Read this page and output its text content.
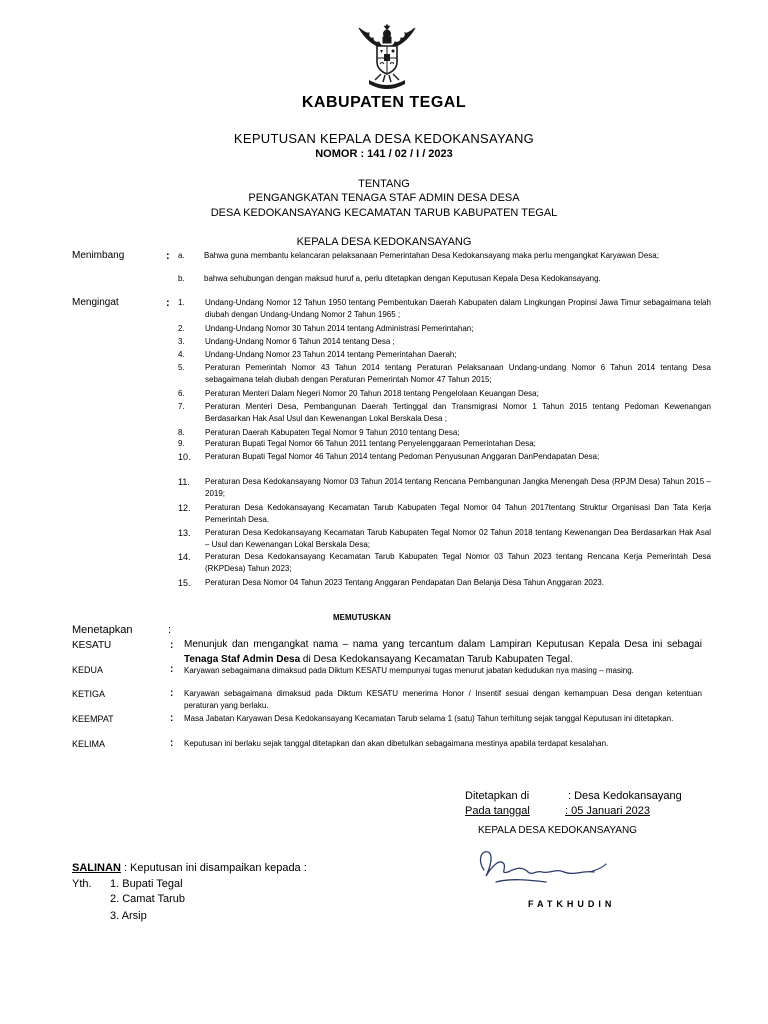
KABUPATEN TEGAL
KEPUTUSAN KEPALA DESA KEDOKANSAYANG
NOMOR : 141 / 02 / I / 2023
TENTANG
PENGANGKATAN TENAGA STAF ADMIN DESA DESA
DESA KEDOKANSAYANG KECAMATAN TARUB KABUPATEN TEGAL
KEPALA DESA KEDOKANSAYANG
Menimbang	: a. Bahwa guna membantu kelancaran pelaksanaan Pemerintahan Desa Kedokansayang maka perlu mengangkat Karyawan Desa;
b. bahwa sehubungan dengan maksud huruf a, perlu ditetapkan dengan Keputusan Kepala Desa Kedokansayang.
Mengingat	: 1.	Undang-Undang Nomor 12 Tahun 1950 tentang Pembentukan Daerah Kabupaten dalam Lingkungan Propinsi Jawa Timur sebagaimana telah diubah dengan Undang-Undang Nomor 2 Tahun 1965 ;
2.	Undang-Undang Nomor 30 Tahun 2014 tentang Administrasi Pemerintahan;
3.	Undang-Undang Nomor 6 Tahun 2014 tentang Desa ;
4.	Undang-Undang Nomor 23 Tahun 2014 tentang Pemerintahan Daerah;
5.	Peraturan Pemerintah Nomor 43 Tahun 2014 tentang Peraturan Pelaksanaan Undang-undang Nomor 6 Tahun 2014 tentang Desa sebagaimana telah diubah dengan Peraturan Pemerintah Nomor 47 Tahun 2015;
6.	Peraturan Menteri Dalam Negeri Nomor 20 Tahun 2018 tentang Pengelolaan Keuangan Desa;
7.	Peraturan Menteri Desa, Pembangunan Daerah Tertinggal dan Transmigrasi Nomor 1 Tahun 2015 tentang Pedoman Kewenangan Berdasarkan Hak Asal Usul dan Kewenangan Lokal Berskala Desa ;
8.	Peraturan Daerah Kabupaten Tegal Nomor 9 Tahun 2010 tentang Desa;
9.	Peraturan Bupati Tegal Nomor 66 Tahun 2011 tentang Penyelenggaraan Pemerintahan Desa;
10. Peraturan Bupati Tegal Nomor 46 Tahun 2014 tentang Pedoman Penyusunan Anggaran DanPendapatan Desa;
11. Peraturan Desa Kedokansayang Nomor 03 Tahun 2014 tentang Rencana Pembangunan Jangka Menengah Desa (RPJM Desa) Tahun 2015 – 2019;
12. Peraturan Desa Kedokansayang Kecamatan Tarub Kabupaten Tegal Nomor 04 Tahun 2017tentang Struktur Organisasi Dan Tata Kerja Pemerintah Desa.
13. Peraturan Desa Kedokansayang Kecamatan Tarub Kabupaten Tegal Nomor 02 Tahun 2018 tentang Kewenangan Dea Berdasarkan Hak Asal – Usul dan Kewenangan Lokal Berskala Desa;
14. Peraturan Desa Kedokansayang Kecamatan Tarub Kabupaten Tegal Nomor 03 Tahun 2023 tentang Rencana Kerja Pemerintah Desa (RKPDesa) Tahun 2023;
15. Peraturan Desa Nomor 04 Tahun 2023 Tentang Anggaran Pendapatan Dan Belanja Desa Tahun Anggaran 2023.
MEMUTUSKAN
Menetapkan	:
KESATU	: Menunjuk dan mengangkat nama – nama yang tercantum dalam Lampiran Keputusan Kepala Desa ini sebagai Tenaga Staf Admin Desa di Desa Kedokansayang Kecamatan Tarub Kabupaten Tegal.
KEDUA	: Karyawan sebagaimana dimaksud pada Diktum KESATU mempunyai tugas menurut jabatan kedudukan nya masing – masing.
KETIGA	: Karyawan sebagaimana dimaksud pada Diktum KESATU menerima Honor / Insentif sesuai dengan kemampuan Desa dengan ketentuan peraturan yang berlaku.
KEEMPAT	: Masa Jabatan Karyawan Desa Kedokansayang Kecamatan Tarub selama 1 (satu) Tahun terhitung sejak tanggal Keputusan ini ditetapkan.
KELIMA	: Keputusan ini berlaku sejak tanggal ditetapkan dan akan dibetulkan sebagaimana mestinya apabila terdapat kesalahan.
Ditetapkan di	: Desa Kedokansayang
Pada tanggal	: 05 Januari 2023
KEPALA DESA KEDOKANSAYANG
FATKHUDIN
SALINAN : Keputusan ini disampaikan kepada :
Yth. 1. Bupati Tegal
2. Camat Tarub
3. Arsip
